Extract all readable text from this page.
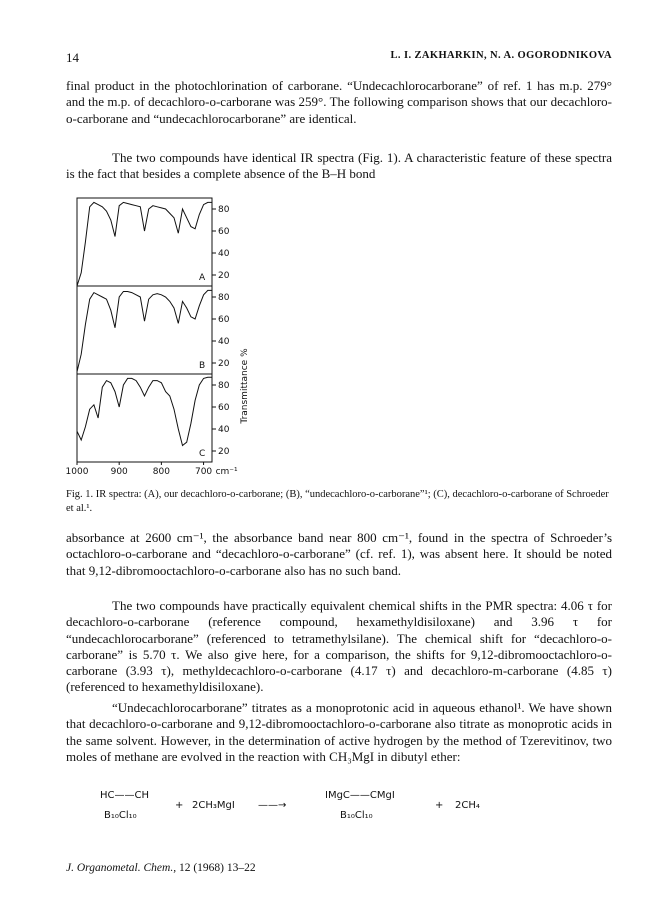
14	L. I. ZAKHARKIN, N. A. OGORODNIKOVA

final product in the photochlorination of carborane. “Undecachlorocarborane” of ref. 1 has m.p. 279° and the m.p. of decachloro-o-carborane was 259°. The following comparison shows that our decachloro-o-carborane and “undecachlorocarborane” are identical.

The two compounds have identical IR spectra (Fig. 1). A characteristic feature of these spectra is the fact that besides a complete absence of the B–H bond

80
60
40
20
A
80
60
40
20
B
80
60
40
20
C
1000 900	800	700 cm⁻¹
Transmittance %

Fig. 1. IR spectra: (A), our decachloro-o-carborane; (B), “undecachloro-o-carborane”¹; (C), decachloro-o-carborane of Schroeder et al.¹.

absorbance at 2600 cm⁻¹, the absorbance band near 800 cm⁻¹, found in the spectra of Schroeder’s octachloro-o-carborane and “decachloro-o-carborane” (cf. ref. 1), was absent here. It should be noted that 9,12-dibromooctachloro-o-carborane also has no such band.

The two compounds have practically equivalent chemical shifts in the PMR spectra: 4.06 τ for decachloro-o-carborane (reference compound, hexamethyldisiloxane) and 3.96 τ for “undecachlorocarborane” (referenced to tetramethylsilane). The chemical shift for “decachloro-o-carborane” is 5.70 τ. We also give here, for a comparison, the shifts for 9,12-dibromooctachloro-o-carborane (3.93 τ), methyldecachloro-o-carborane (4.17 τ) and decachloro-m-carborane (4.85 τ) (referenced to hexamethyldisiloxane).

“Undecachlorocarborane” titrates as a monoprotonic acid in aqueous ethanol¹. We have shown that decachloro-o-carborane and 9,12-dibromooctachloro-o-carborane also titrate as monoprotic acids in the same solvent. However, in the determination of active hydrogen by the method of Tzerevitinov, two moles of methane are evolved in the reaction with CH₃MgI in dibutyl ether:

HC——CH
B₁₀Cl₁₀
+ 2CH₃MgI ——→
IMgC——CMgI
B₁₀Cl₁₀
+ 2CH₄
J. Organometal. Chem., 12 (1968) 13–22
